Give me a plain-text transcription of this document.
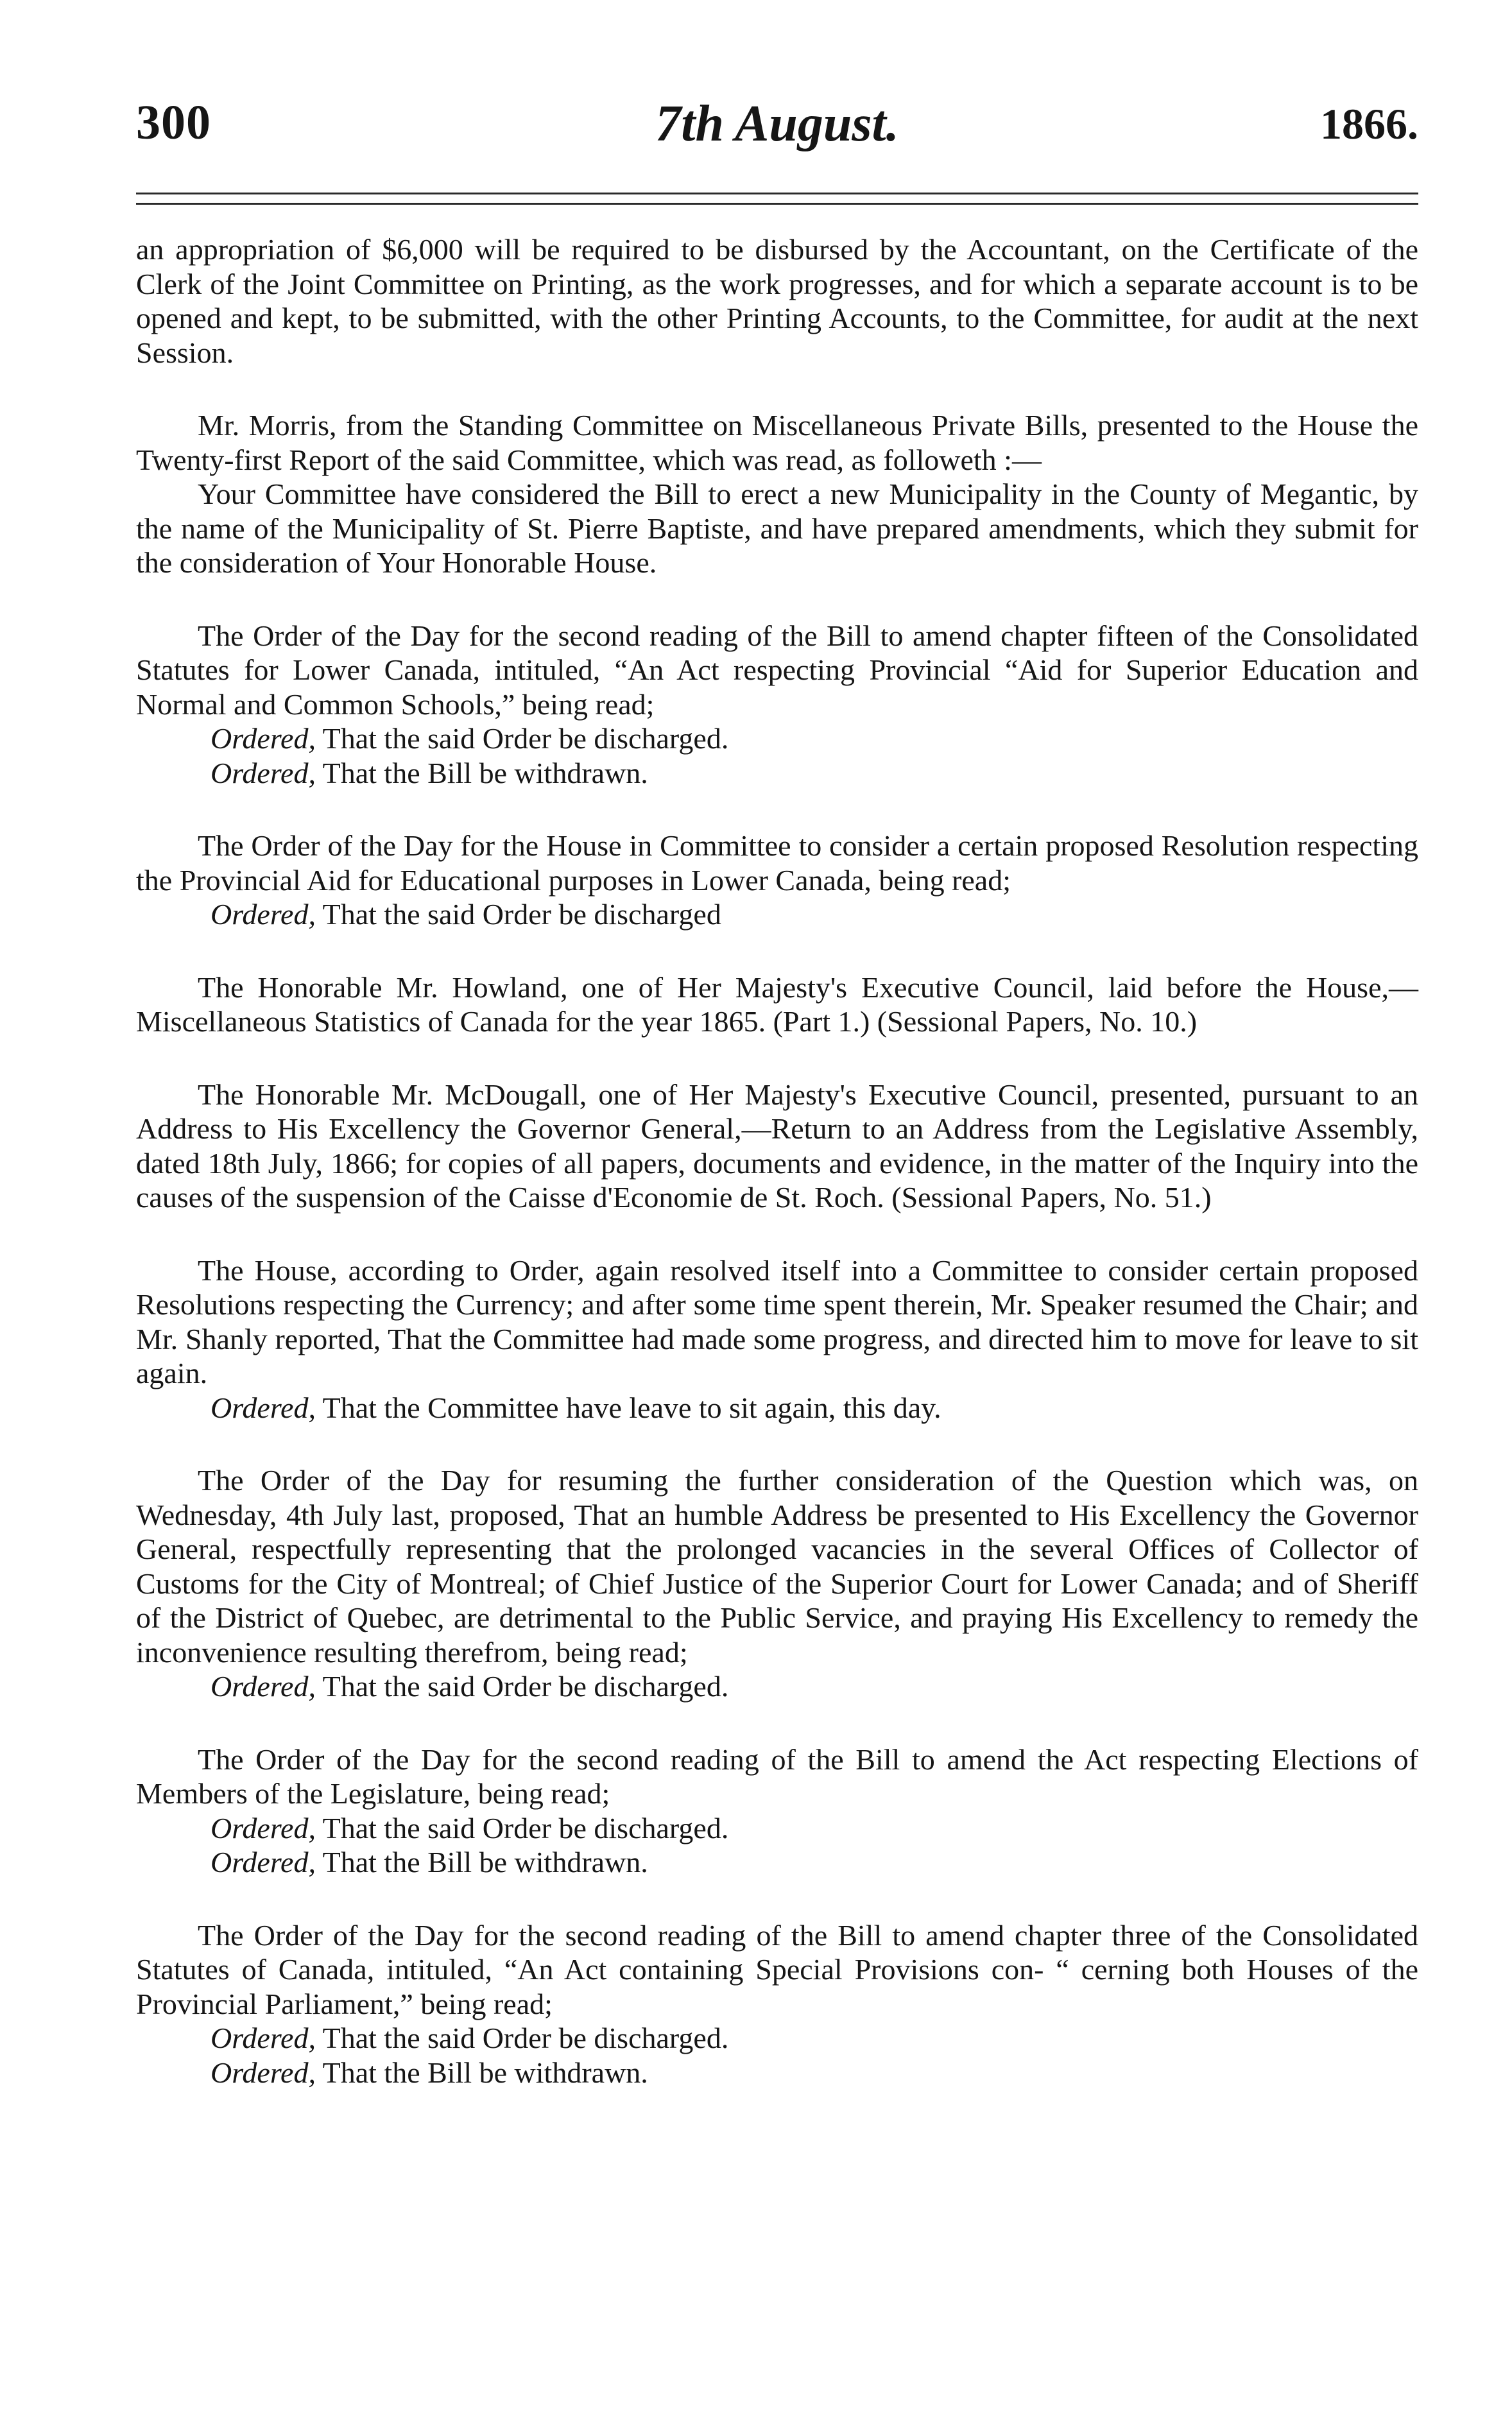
300	7th August.	1866.

an appropriation of $6,000 will be required to be disbursed by the Accountant, on the Certificate of the Clerk of the Joint Committee on Printing, as the work progresses, and for which a separate account is to be opened and kept, to be submitted, with the other Printing Accounts, to the Committee, for audit at the next Session.

Mr. Morris, from the Standing Committee on Miscellaneous Private Bills, presented to the House the Twenty-first Report of the said Committee, which was read, as followeth :—

Your Committee have considered the Bill to erect a new Municipality in the County of Megantic, by the name of the Municipality of St. Pierre Baptiste, and have prepared amendments, which they submit for the consideration of Your Honorable House.

The Order of the Day for the second reading of the Bill to amend chapter fifteen of the Consolidated Statutes for Lower Canada, intituled, “An Act respecting Provincial “Aid for Superior Education and Normal and Common Schools,” being read;

Ordered, That the said Order be discharged.

Ordered, That the Bill be withdrawn.

The Order of the Day for the House in Committee to consider a certain proposed Resolution respecting the Provincial Aid for Educational purposes in Lower Canada, being read;

Ordered, That the said Order be discharged

The Honorable Mr. Howland, one of Her Majesty's Executive Council, laid before the House,—Miscellaneous Statistics of Canada for the year 1865. (Part 1.) (Sessional Papers, No. 10.)

The Honorable Mr. McDougall, one of Her Majesty's Executive Council, presented, pursuant to an Address to His Excellency the Governor General,—Return to an Address from the Legislative Assembly, dated 18th July, 1866; for copies of all papers, documents and evidence, in the matter of the Inquiry into the causes of the suspension of the Caisse d'Economie de St. Roch. (Sessional Papers, No. 51.)

The House, according to Order, again resolved itself into a Committee to consider certain proposed Resolutions respecting the Currency; and after some time spent therein, Mr. Speaker resumed the Chair; and Mr. Shanly reported, That the Committee had made some progress, and directed him to move for leave to sit again.

Ordered, That the Committee have leave to sit again, this day.

The Order of the Day for resuming the further consideration of the Question which was, on Wednesday, 4th July last, proposed, That an humble Address be presented to His Excellency the Governor General, respectfully representing that the prolonged vacancies in the several Offices of Collector of Customs for the City of Montreal; of Chief Justice of the Superior Court for Lower Canada; and of Sheriff of the District of Quebec, are detrimental to the Public Service, and praying His Excellency to remedy the inconvenience resulting therefrom, being read;

Ordered, That the said Order be discharged.

The Order of the Day for the second reading of the Bill to amend the Act respecting Elections of Members of the Legislature, being read;

Ordered, That the said Order be discharged.

Ordered, That the Bill be withdrawn.

The Order of the Day for the second reading of the Bill to amend chapter three of the Consolidated Statutes of Canada, intituled, “An Act containing Special Provisions con- “ cerning both Houses of the Provincial Parliament,” being read;

Ordered, That the said Order be discharged.

Ordered, That the Bill be withdrawn.
